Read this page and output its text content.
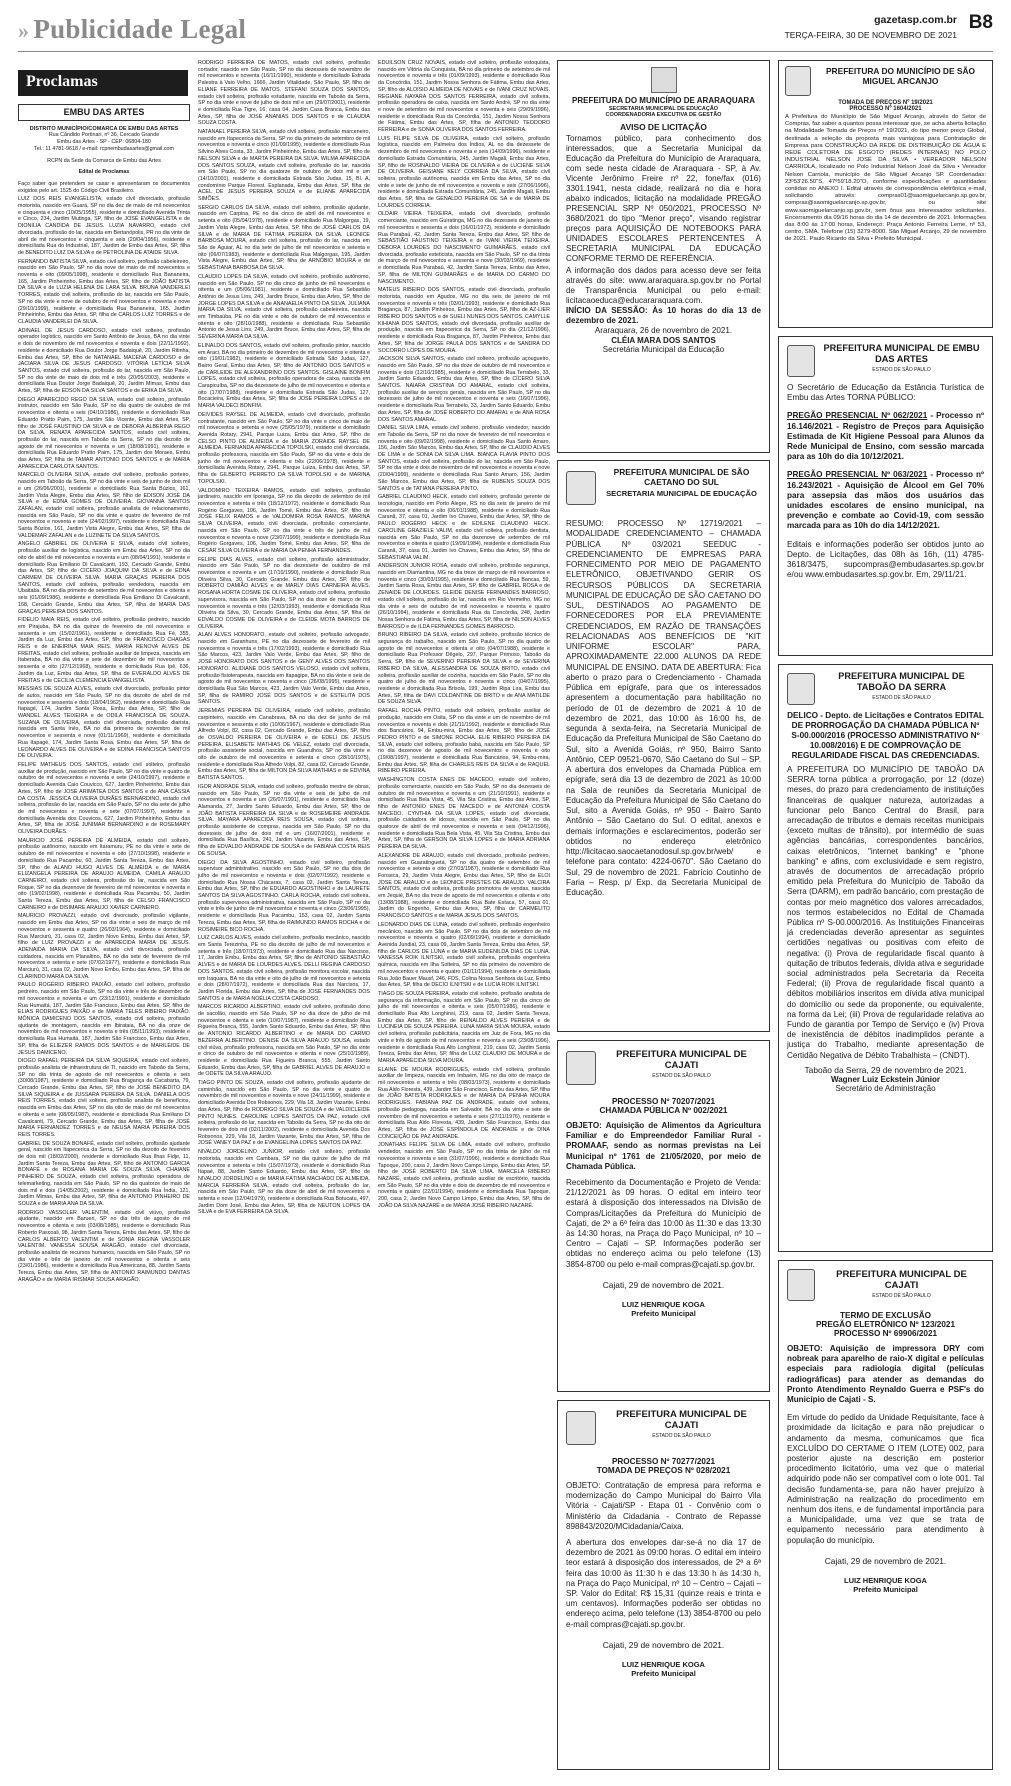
» Publicidade Legal	gazetasp.com.br
TERÇA-FEIRA, 30 DE NOVEMBRO DE 2021
B8
Proclamas
EMBU DAS ARTES
DISTRITO MUNICÍPIO/COMARCA DE EMBU DAS ARTES
Rua Cândido Portinari, nº 36, Cercado Grande
Embu das Artes - SP - CEP: 06804-180
Tel.: 11 4781-9618 / e-mail: rcpnembudasartes@gmail.com
RCPN da Sede da Comarca de Embu das Artes
Edital de Proclamas

Faço saber que pretendem se casar e apresentaram os documentos exigidos pelo art. 1525 do Código Civil Brasileiro.

LUIZ DOS REIS EVANGELISTA, estado civil divorciado, profissão motorista, nascido em Guará, SP no dia dez de maio de mil novecentos e cinquenta e cinco (10/05/1955), residente e domiciliado Avenida Trinta e Cinco, 234, Jardim Mutinga, SP, filho de JOSÉ EVANGELISTA e de DIONILIA CANDIDA DE JESUS. LUZIA NAVARRO, estado civil divorciada, profissão do lar, nascida em Bertanópolis, PR no dia vinte de abril de mil novecentos e cinquenta e seis (20/04/1956), residente e domiciliada Rua do Industrial, 187, Jardim de Embu das Artes, SP, filha de BENEDITO LUIZ DA SILVA e de PETROLINA DE ATAIDE SILVA.

FERNANDO BATISTA SILVA, estado civil solteiro, profissão cabeleireiro, nascido em São Paulo, SP no dia nove de maio de mil novecentos e noventa e oito (09/05/1998), residente e domiciliado Rua Bananeira, 165, Jardim Pinheirinho, Embu das Artes, SP, filho de JOÃO BATISTA DA SILVA e de LUZIA HELENA DE LARA SILVA. BRUNA VANDERLEI TORRES, estado civil solteira, profissão do lar, nascida em São Paulo, SP no dia vinte e nove de outubro de mil novecentos e noventa e nove (29/10/1999), residente e domiciliada Rua Bananeira, 165, Jardim Pinheirinho, Embu das Artes, SP, filha de CARLOS LUIZ TORRES e de CLAUDIA VANDERLEI DA SILVA.

ADINAEL DE JESUS CARDOSO, estado civil solteiro, profissão operador logístico, nascido em Santo Antônio de Jesus, BA no dia vinte e dois de novembro de mil novecentos e noventa e dois (22/11/1992), residente e domiciliado Rua Doutor Jorge Badaiquê, 20, Jardim Ritinha, Embu das Artes, SP, filho de NATANAEL MACENA CARDOSO e de JACIARA SILVA DE JESUS CARDOSO. VITÓRIA LETÍCIA SILVA SANTOS, estado civil solteira, profissão do lar, nascida em São Paulo, SP no dia vinte de maio de dois mil e três (20/05/2003), residente e domiciliada Rua Doutor Jorge Badaiquê, 20, Jardim Mimas, Embu das Artes, SP, filha de EDSON DA SILVA SANTOS e de ERIKA DA SILVA.

DIEGO APARECIDO REGO DA SILVA, estado civil solteiro, profissão instrutor, nascido em São Paulo, SP no dia quatro de outubro de mil novecentos e oitenta e seis (04/10/1986), residente e domiciliado Rua Eduardo Pratto Paim, 175, Jardim São Vicente, Embu das Artes, SP, filho de JOSÉ FAUSTINO DA SILVA e de DEBORA ALBERINA REGO DA SILVA. RENATA APARECIDA SANTOS, estado civil solteira, profissão do lar, nascida em Taboão da Serra, SP no dia dezoito de agosto de mil novecentos e noventa e um (18/08/1991), residente e domiciliada Rua Eduardo Pratto Paim, 175, Jardim dos Moraes, Embu das Artes, SP, filha de TAMAR ANTONIO DOS SANTOS e de MARIA APARECIDA CARLOTA SANTOS.

MARCELO OLIVEIRA SILVA, estado civil solteiro, profissão porteiro, nascido em Taboão da Serra, SP no dia vinte e seis de junho de dois mil e um (26/06/2001), residente e domiciliado Rua Santa Búzios, 161, Jardim Vista Alegre, Embu das Artes, SP, filho de EDISON JOSÉ DA SILVA e de EDNA GOMES DE OLIVEIRA. GIOVANNA SANTOS ZAFALAN, estado civil solteira, profissão analista de relacionamento, nascida em São Paulo, SP no dia vinte e quatro de fevereiro de mil novecentos e noventa e sete (24/02/1997), residente e domiciliada Rua Santa Búzios, 161, Jardim Vista Alegre, Embu das Artes, SP, filha de VALDEMAR ZAFALAN e de LUZINETE DA SILVA SANTOS.

ANGELO GABRIEL DE OLIVEIRA E SILVA, estado civil solteiro, profissão auxiliar de logística, nascido em Embu das Artes, SP no dia oito de abril de mil novecentos e noventa e um (08/04/1991), residente e domiciliado Rua Emiliano Di Cavalcanti, 193, Cercado Grande, Embu das Artes, SP, filho de CICERO JOAQUIM DA SILVA e de EDNA CARMEM DE OLIVEIRA SILVA. MARIA GRAÇAS PEREIRA DOS SANTOS, estado civil solteira, profissão vendedora, nascida em Ubaitaba, BA no dia primeiro de setembro de mil novecentos e oitenta e seis (01/09/1986), residente e domiciliada Rua Emiliano Di Cavalcanti, 168, Cercado Grande, Embu das Artes, SP, filha de MARIA DAS GRAÇAS PEREIRA DOS SANTOS.

FIDELIO MAIA REIS, estado civil solteiro, profissão pedreiro, nascido em Pirajuba, BA no dia quinze de fevereiro de mil novecentos e sessenta e um (15/02/1961), residente e domiciliado Rua Fé, 355, Jardim da Luz, Embu das Artes, SP, filho de FRANCISCO CHAGAS REIS e de ENEIRINA MAIA REIS. MARIA RENOVA ALVES DE FREITAS, estado civil solteira, profissão auxiliar de limpeza, nascida em Itaberaba, BA no dia vinte e sete de dezembro de mil novecentos e sessenta e oito (27/12/1968), residente e domiciliada Rua Ipê, 636, Jardim da Luz, Embu das Artes, SP, filha de EVERALDO ALVES DE FREITAS e de CECILIA CLEMENCIA EVANGELISTA.

MESSIAS DE SOUZA ALVES, estado civil divorciado, profissão pintor de autos, nascido em São Paulo, SP no dia dezoito de abril de mil novecentos e sessenta e dois (18/04/1962), residente e domiciliado Rua Itapagé, 174, Jardim Santa Rosa, Embu das Artes, SP, filho de WANDEL ALVES TEIXEIRA e de ODILA FRANCISCA DE SOUZA. SUZANA DE OLIVEIRA, estado civil divorciada, profissão diarista, nascida em Santa Inês, BA no dia primeiro de novembro de mil novecentos e sessenta e nove (01/11/1969), residente e domiciliada Rua Itapagé, 174, Jardim Santa Rosa, Embu das Artes, SP, filha de LEONARDO ALVES DE OLIVEIRA e de EDINA FRANCISCA SANTOS DE OLIVEIRA.

FELIPE MATHEUS DOS SANTOS, estado civil solteiro, profissão auxiliar de produção, nascido em São Paulo, SP no dia vinte e quatro de outubro de mil novecentos e noventa e sete (24/10/1997), residente e domiciliado Avenida Caio Couvicco, 627, Jardim Pinheirinho, Embu das Artes, SP, filho de JOSÉ ARIMATEA DOS SANTOS e de ANA CÁSSIA DA COSTA. JESSICA OLIVEIRA DURÃES BERNARDINO, estado civil solteira, profissão do lar, nascida em São Paulo, SP no dia sete de julho de mil novecentos e noventa e sete (07/07/1997), residente e domiciliada Avenida dos Couvicos, 627, Jardim Pinheirinho, Embu das Artes, SP, filha de JOSÉ JUNIMAR BERNARDINO e de ROSEMARY OLIVEIRA DURÃES.

MAURICIO JOSÉ PEREIRA DE ALMEIDA, estado civil solteiro, profissão autônomo, nascido em Itaramuru, PE no dia vinte e sete de outubro de mil novecentos e noventa e oito (27/10/1998), residente e domiciliado Rua Pacambu, 60, Jardim Santa Tereza, Embu das Artes, SP, filho de ALANO HUGO ALVES DE ALMEIDA e de MARIA ELIZANGELA PEREIRA DE ARAUJO ALMEIDA. CAMILA ARAUJO CARNEIRO, estado civil solteira, profissão do lar, nascida em São Roque, SP no dia dezenove de fevereiro de mil novecentos e noventa e oito (19/02/1998), residente e domiciliada Rua Pacambu, 50, Jardim Santa Tereza, Embu das Artes, SP, filha de CELSO FRANCISCO CARNEIRO e de DISIMARE ARAUJO XAVIER CARNEIRO.

MAURICIO PROVAZZI, estado civil divorciado, profissão vigilante, nascido em Embu das Artes, SP no dia vinte e seis de março de mil novecentos e sessenta e quatro (26/03/1964), residente e domiciliado Rua Marciurú, 31, casa 02, Jardim Novo Embu, Embu das Artes, SP, filho de LUIZ PROVAZZI e de APARECIDA MARIA DE JESUS. ADENAIDA MARIA DA SILVA, estado civil divorciada, profissão cuidadora, nascida em Planaltino, BA no dia sete de fevereiro de mil novecentos e setenta e sete (07/02/1977), residente e domiciliada Rua Marciurú, 31, casa 02, Jardim Novo Embu, Embu das Artes, SP, filha de CLARINDO MARIA DA SILVA.

PAULO ROGÉRIO RIBEIRO PAIXÃO, estado civil solteiro, profissão pedreiro, nascido em São Paulo, SP no dia vinte e três de dezembro de mil novecentos e noventa e um (23/12/1991), residente e domiciliado Rua Humaitá, 187, Jardim São Francisco, Embu das Artes, SP, filho de ELIAS RODRIGUES PAIXÃO e de MARIA TELES RIBEIRO PAIXÃO. MÔNICA DAMICENO DOS SANTOS, estado civil solteira, profissão ajudante de montagem, nascida em Ibirataia, BA no dia onze de novembro de mil novecentos e noventa e três (05/11/1993), residente e domiciliada Rua Humaitá, 187, Jardim São Francisco, Embu das Artes, SP, filha de ELIEZER RAMOS DOS SANTOS e de MARILEIDE DE JESUS DAMICENO.

DIOGO RAFAEL PEREIRA DA SILVA SIQUEIRA, estado civil solteiro, profissão analista de infraestrutura de TI, nascido em Taboão da Serra, SP no dia trinta de agosto de mil novecentos e oitenta e seis (30/08/1987), residente e domiciliado Rua Bragança de Cacabarta, 79, Cercado Grande, Embu das Artes, SP, filho de JOSÉ BENEDITO DA SILVA SIQUEIRA e de JUSSARA PEREIRA DA SILVA. DANIELA DOS REIS TORRES, estado civil solteira, profissão analista de benefícios, nascida em Embu das Artes, SP no dia oito de maio de mil novecentos e oitenta e sete (08/05/1987), residente e domiciliada Rua Emiliano Di Cavalcanti, 79, Cercado Grande, Embu das Artes, SP, filha de JOSÉ MARIA FERNANDEZ TORRES e de NEUSA MARIA PEREIRA DOS REIS TORRES.

GABRIEL DE SOUZA BONAFÉ, estado civil solteiro, profissão ajudante geral, nascido em Itapecerica da Serra, SP no dia dezoito de fevereiro de dois mil (18/02/2000), residente e domiciliado Rua Ilhas Fidje, 11, Jardim Santa Tereza, Embu das Artes, SP, filho de ANTONIO GARCIA BONAFÉ e de ROSANA MARIA DE SOUZA SILVA. CHAIANE PINHEIRO DE SOUZA, estado civil solteira, profissão operadora de telemarketing, nascida em São Paulo, SP no dia quatorze de maio de dois mil e dois (14/05/2002), residente e domiciliada Rua Índia, 121, Jardim Mimas, Embu das Artes, SP, filha de ANTONIO PINHEIRO DE SOUZA e de MARIA ANA DA SILVA.

RODRIGO VASSOLER VALENTIM, estado civil viúvo, profissão ajudante, nascido em Barueri, SP no dia três de agosto de mil novecentos e oitenta e seis (03/08/1985), residente e domiciliado Rua Roberto Pascoali, 98, Jardim Santa Tereza, Embu das Artes, SP, filho de CARLOS ALBERTO VALENTIM e de SONIA REGINA VASSOLER VALENTIM. VANESSA SOUSA ARAGÃO, estado civil divorciada, profissão analista de recursos humanos, nascida em São Paulo, SP no dia vinte e três de janeiro de mil novecentos e oitenta e seis (23/01/1986), residente e domiciliada Rua Americana, 88, Jardim Santa Tereza, Embu das Artes, SP, filha de ANTONIO RAIMUNDO DANTAS ARAGÃO e de MARIA IRISMAR SOUSA ARAGÃO.

RODRIGO FERREIRA DE MATOS, estado civil solteiro, profissão cortador, nascido em São Paulo, SP no dia dezesseis de novembro de mil novecentos e noventa (16/11/1990), residente e domiciliado Estrada Palestra à Vaio Velho, 1666, Jardim Vitalidade, São Paulo, SP, filho de ELIANE FERREIRA DE MATOS. STEFANI SOUZA DOS SANTOS, estado civil solteira, profissão estudante, nascida em Taboão da Serra, SP no dia vinte e nove de julho de dois mil e um (29/07/2001), residente e domiciliada Rua Tigre, 16, casa 04, Jardim Casa Branca, Embu das Artes, SP, filha de JOSÉ ANANIAS DOS SANTOS e de CLAUDIA SOUZA COSTA.

NATANAEL PEREIRA SILVA, estado civil solteiro, profissão marceneiro, nascido em Itapecerica da Serra, SP no dia primeiro de setembro de mil novecentos e noventa e cinco (01/09/1995), residente e domiciliado Rua Silvino Alves Costa, 33, Jardim Pinheirinho, Embu das Artes, SP, filho de NELSON SILVA e de MARTA PEREIRA DA SILVA. WILMA APARECIDA DOS SANTOS SOUZA, estado civil solteira, profissão do lar, nascida em São Paulo, SP no dia quatorze de outubro de dois mil e um (14/10/2001), residente e domiciliada Estrada São Judas, 15, Bl. A, condomínio Parque Florest. Esplanada, Embu das Artes, SP, filha de ACEL DE JESUS PEREIRA SOUZA e de ELIANE APARECIDA SIMÕES.

SERGIO CARLOS DA SILVA, estado civil solteiro, profissão ajudante, nascido em Carpina, PE no dia cinco de abril de mil novecentos e setenta e oito (05/04/1978), residente e domiciliado Rua Malgorgas, 19, Jardim Vista Alegre, Embu das Artes, SP, filho de JOSÉ CARLOS DA SILVA e de MARIA DE FÁTIMA PEREIRA DA SILVA. LEONICE BARBOSA MOURA, estado civil solteira, profissão do lar, nascida em São de Aguiar, AL no dia sete de julho de mil novecentos e setenta e oito (06/07/1983), residente e domiciliada Rua Malgorgas, 195, Jardim Vista Alegre, Embu das Artes, SP, filha de ARNÓBIO MOURA e de SEBASTIANA BARBOSA DA SILVA.

CLAUDIO LOPES DA SILVA, estado civil solteiro, profissão autônomo, nascido em São Paulo, SP no dia cinco de junho de mil novecentos e oitenta e um (05/06/1981), residente e domiciliado Rua Sebastião Antônio de Jesus Lins, 249, Jardim Bruce, Embu das Artes, SP, filho de JORGE LOPES DA SILVA e de ANANAELIA PINTO DA SILVA. JULIANA MARIA DA SILVA, estado civil solteira, profissão cabeleireira, nascida em Timbaúba, PE no dia vinte e oito de outubro de mil novecentos e oitenta e oito (28/10/1988), residente e domiciliada Rua Sebastião Antonio de Jesus Lins, 249, Jardim Bruce, Embu das Artes, SP, filha de SEVERINA MARIA DA SILVA.

ELINALDO DOS SANTOS, estado civil solteiro, profissão pintor, nascido em Araci, BA no dia primeiro de dezembro de mil novecentos e oitenta e oito (19/01/1982), residente e domiciliado Estrada São Judas, 127, Bairro Geral, Embu das Artes, SP, filho de ANTONIO DOS SANTOS e de CARLEIDE DE ALEXANDRINO DOS SANTOS. GISLAINE BONFIM LOPES, estado civil solteira, profissão operadora de caixa, nascida em Carapicuíba, SP no dia dezessete de julho de mil novecentos e oitenta e oito (17/07/1988), residente e domiciliada Estrada São Judas, 127, Bocacieira, Embu das Artes, SP, filha de JOSE PEREIRA LOPES e de MARIA VALDECI BONFIM.

DEIVIDES RAYSEL DE ALMEIDA, estado civil divorciado, profissão contratante, nascido em São Paulo, SP no dia vinte e cinco de maio de mil novecentos e setenta e nove (25/05/1979), residente e domiciliado Avenida Rotary, 2941, Parque Luiza, Embu das Artes, SP, filho de CELSO PINTO DE ALMEIDA e de MARIA ZORAIDE RAYSEL DE ALMEIDA. FERNANDA APARECIDA TOPOLSKI, estado civil divorciada, profissão professora, nascida em São Paulo, SP no dia vinte e dois de junho de mil novecentos e oitenta e três (22/06/1978), residente e domiciliada Avenida Rotary, 2941, Parque Luiza, Embu das Artes, SP, filha de GILBERTO PERRETO DA SILVA TOPOLSKI e de MARINA TOPOLSKI.

VALDOMIRO TEIXEIRA RAMOS, estado civil solteiro, profissão jardineiro, nascido em Iporanga, SP no dia dezoito de setembro de mil novecentos e setenta e três (18/12/1972), residente e domiciliado Rua Rogério Gorgaves, 106, Jardim Tomé, Embu das Artes, SP, filho de JOSÉ FELIX RAMOS e de VALDOMIRA ROSA RAMOS. MARINA SILVA OLIVEIRA, estado civil divorciada, profissão comerciante, nascida em São Paulo, SP no dia vinte e três de junho de mil novecentos e noventa e nove (23/07/1999), residente e domiciliada Rua Rogério Gorgaves, 106, Jardim Tomé, Embu das Artes, SP, filha de CÉSAR SILVA OLIVEIRA e de MARIA DA PENHA FERNANDES.

FELIPE DIAS ALVES, estado civil solteiro, profissão administrador, nascido em São Paulo, SP no dia dezessete de outubro de mil novecentos e noventa e um (17/10/1990), residente e domiciliado Rua Oliveira Silva, 30, Cercado Grande, Embu das Artes, SP, filho de ROBERTO DAMIÃO ALVES e de MARLY DIAS CARNEIRA ALVES. ROSANA HORTA COSME DE OLIVEIRA, estado civil solteira, profissão supervisora, nascida em São Paulo, SP no dia doze de março de mil novecentos e noventa e três (12/03/1993), residente e domiciliada Rua Oliveira da Silva, 30, Cercado Grande, Embu das Artes, SP, filha de EDVALDO COSME DE OLIVEIRA e de CLEIDE MOTA BARROS DE OLIVEIRA.

ALAN ALVES HONORATO, estado civil solteiro, profissão advogado, nascido em Garanhuns, PE no dia dezessete de fevereiro de mil novecentos e noventa e três (17/02/1993), residente e domiciliado Rua São Marcos, 423, Jardim Valo Verde, Embu das Artes, SP, filho de JOSÉ HONORATO DOS SANTOS e de GENY ALVES DOS SANTOS HONORATO. ALIDIANE DOS SANTOS VELOSO, estado civil solteira, profissão fisioterapeuta, nascida em Itapagipe, BA no dia vinte e seis de agosto de mil novecentos e noventa e cinco (26/08/1995), residente e domiciliada Rua São Marcos, 423, Jardim Valo Verde, Embu das Artes, SP, filha de RAMIRO JOSÉ DOS SANTOS e de ESTELITA DOS SANTOS.

JEREMIAS PEREIRA DE OLIVEIRA, estado civil solteiro, profissão carpinteiro, nascido em Canabrava, BA no dia dez de junho de mil novecentos e sessenta e oito (10/06/1967), residente e domiciliado Rua Alfredo Volpi, 82, casa 02, Cercado Grande, Embu das Artes, SP, filho de OSVALDO PEREIRA DE OLIVEIRA e de EDELI DE JESUS PEREIRA. ELISABETE MATHIAS DE VELEZ, estado civil divorciada, profissão assistente social, nascida em Guarulhos, SP no dia vinte e oito de outubro de mil novecentos e setenta e cinco (28/10/1975), residente e domiciliada Rua Alfredo Volpi, 82, casa 02, Cercado Grande, Embu das Artes, SP, filha de MILTON DA SILVA MATHIAS e de EDVINA BATISTA SANTOS.

IGOR ANDRADE SILVA, estado civil solteiro, profissão mestre de obras, nascido em São Paulo, SP no dia vinte e seis de julho de mil novecentos e noventa e um (26/07/1991), residente e domiciliado Rua Alamanda, 27, Jardim Santo Eduardo, Embu das Artes, SP, filho de JOÃO BATISTA FERREIRA DA SILVA e de ROSEMEIRE ANDRADE SILVA. MAYARA APARECIDA REIS SOUSA, estado civil solteira, profissão assistente de compras, nascida em São Paulo, SP no dia dezesseis de julho de dois mil e um (16/07/2001), residente e domiciliada Rua Basílica, 241, Jardim Vazante, Embu das Artes, SP, filha de EDVALDO ANDRADE DE SOUSA e de FABIANA COSTA REIS DE SOUSA.

DIEGO DA SILVA AGOSTINHO, estado civil solteiro, profissão supervisor administrativo, nascido em São Paulo, SP no dia dois de julho de mil novecentos e noventa e dois (02/07/1992), residente e domiciliado Rua Nossa Chácaras, 7, casa 02, Jardim Santa Tereza, Embu das Artes, SP, filho de EDUARDO AGOSTINHO e de LAURETE SANTOS DA SILVA AGOSTINHO. CARLA ROCHA, estado civil solteira, profissão supervisora administrativa, nascida em São Paulo, SP no dia vinte e três de junho de mil novecentos e noventa e cinco (23/06/1995), residente e domiciliada Rua Pacambu, 153, casa 02, Jardim Santa Tereza, Embu das Artes, SP, filha de RAIMUNDO RAMOS ROCHA e de ROSIMEIRE BICO ROCHA.

LUIZ CARLOS ALVES, estado civil solteiro, profissão mecânico, nascido em Santa Terezinha, PE no dia dezoito de julho de mil novecentos e setenta e três (18/07/1973), residente e domiciliado Rua das Narcisos, 17, Jardim Embu, Embu das Artes, SP, filho de ANTONIO SEBASTIÃO ALVES e de MARIA DE LOURDES ALVES. DELLI REGINA CARDOSO DOS SANTOS, estado civil solteira, profissão monitora escolar, nascida em Iraquara, BA no dia vinte e oito de julho de mil novecentos e setenta e dois (28/07/1972), residente e domiciliada Rua das Narcisos, 17, Jardim Florida, Embu das Artes, SP, filha de JOSÉ FERNANDES DOS SANTOS e de MARIA NOÉLIA COSTA CARDOSO.

MARCOS RICARDO ALBERTINO, estado civil solteiro, profissão dono de sacolão, nascido em São Paulo, SP no dia doze de julho de mil novecentos e oitenta e sete (10/07/1987), residente e domiciliado Rua Figueira Branca, 555, Jardim Santo Eduardo, Embu das Artes, SP, filho de ANTONIO RICARDO ALBERTINO e de MARIA DO CARMO BEZERRA ALBERTINO. DENISE DA SILVA ARAUJO SOUSA, estado civil viúva, profissão professora, nascida em São Paulo, SP no dia vinte e cinco de outubro de mil novecentos e oitenta e nove (25/10/1989), residente e domiciliada Rua Figueira Branca, 555, Jardim Santo Eduardo, Embu das Artes, SP, filha de GABRIEL ALVES DE ARAUJO e de ODETE DA SILVA ARAUJO.

TIAGO PINTO DE SOUZA, estado civil solteiro, profissão ajudante de caminhão, nascido em São Paulo, SP no dia vinte e quatro de novembro de mil novecentos e noventa e nove (24/11/1999), residente e domiciliado Avenida Dos Robsonos, 229, Vila 18, Jardim Vazante, Embu das Artes, SP, filho de RODRIGO SILVA DE SOUZA e de VALDICLEIDE PINTO NUNES. CAROLINE LOPES SANTOS DA PAZ, estado civil solteira, profissão do lar, nascida em Taboão da Serra, SP no dia oito de fevereiro de dois mil (02/11/2002), residente e domiciliada Avenida Dos Robsonos, 229, Vila 18, Jardim Vazante, Embu das Artes, SP, filha de JOSÉ VANEY DA PAZ e de EVANGELINA LOPES SANTOS DA PAZ.

NIVALDO JORDELINO JUNIOR, estado civil solteiro, profissão motorista, nascido em Cambara, SP no dia quinze de julho de mil novecentos e setenta e três (15/07/1973), residente e domiciliado Rua Itapaé, 88, Jardim Santo Eduardo, Embu das Artes, SP, filho de NIVALDO JORDELINO e de MARIA FÁTIMA MACHADO DE ALMEIDA. MARCIA FERREIRA SILVA, estado civil solteira, profissão do lar, nascida em São Paulo, SP no dia doze de abril de mil novecentos e setenta e nove (12/04/1979), residente e domiciliada Rua Botucatu, 497, Jardim Dom José, Embu das Artes, SP, filha de NEUTON LOPES DA SILVA e de EVA FERREIRA DA SILVA.

EDUILSON CRUZ NOVAIS, estado civil solteiro, profissão estoquista, nascido em Vitória da Conquista, BA no dia primeiro de setembro de mil novecentos e noventa e três (01/09/1993), residente e domiciliado Rua da Concórdia, 151, Jardim Nossa Senhora de Fátima, Embu das Artes, SP, filho de ALOISIO ALMEIDA DE NOVAIS e de IVANI CRUZ NOVAIS. REGIANE NAYARA DOS SANTOS FERREIRA, estado civil solteira, profissão operadora de caixa, nascida em Santo André, SP no dia vinte e nove de setembro de mil novecentos e noventa e seis (29/09/1996), residente e domiciliada Rua da Concórdia, 151, Jardim Nossa Senhora de Fátima, Embu das Artes, SP, filha de ANTONIO TEODORO FERREIRA e de SONIA OLIVEIRA DOS SANTOS FERREIRA.

LUIS FILIPE SILVA DE OLIVEIRA, estado civil solteiro, profissão logística, nascido em Palmeira dos Índios, AL no dia dezessete de dezembro de mil novecentos e noventa e seis (14/09/1996), residente e domiciliado Estrada Comunitária, 245, Jardim Magali, Embu das Artes, SP, filho de ROSINALDO VIEIRA DE OLIVEIRA e de LUCIENE SILVA DE OLIVEIRA. GEISIANE KELY CORREIA DA SILVA, estado civil solteira, profissão autônoma, nascida em Embu das Artes, SP no dia vinte e sete de junho de mil novecentos e noventa e seis (27/06/1996), residente e domiciliada Estrada Comunitária, 245, Jardim Magali, Embu das Artes, SP, filha de GENALDO PEREIRA DE SÁ e de MARIA DE LOURDES CORREIA.

OLDAIR VIEIRA TEIXEIRA, estado civil divorciado, profissão comerciante, nascido em Guiratinga, MG no dia dezesseis de janeiro de mil novecentos e sessenta e dois (16/01/1972), residente e domiciliado Rua Parabaú, 42, Jardim Santa Tereza, Embu das Artes, SP, filho de SEBASTIÃO FAUSTINO TEIXEIRA e de IVANI VIEIRA TEIXEIRA. DÉBORA LOURDES DO NASCIMENTO GUIMARÃES, estado civil divorciada, profissão esteticista, nascida em São Paulo, SP no dia trinta de março de mil novecentos e sessenta e nove (30/03/1969), residente e domiciliada Rua Parabaú, 42, Jardim Santa Tereza, Embu das Artes, SP, filha de MILTON GUIMARÃES e de MARIA DO CARMO DO NASCIMENTO.

MATEUS RIBEIRO DOS SANTOS, estado civil divorciado, profissão motorista, nascido em Agudos, MG no dia seis de janeiro de mil novecentos e noventa e três (03/01/1993), residente e domiciliado Rua Bragança, 87, Jardim Pinheiros, Embu das Artes, SP, filho de AZ-LIER RIBEIRO DOS SANTOS e de SUELI NUNES DOS SANTOS. CAMYLLE KIHIANA DOS SANTOS, estado civil divorciada, profissão auxiliar de produção, nascida em Itapecerica da Serra, SP no dia (21/12/1996), residente e domiciliada Rua Bragança, 87, Jardim Pinheiros, Embu das Artes, SP, filha de JORGE PAULA DOS SANTOS e de SANDRA DO SOCORRO LOPES DE MOURA.

JACKSON SILVA SANTOS, estado civil solteiro, profissão açougueiro, nascido em São Paulo, SP no dia doze de outubro de mil novecentos e noventa e dois (12/10/1985), residente e domiciliado Rua Terrabelo, 33, Jardim Santo Eduardo, Embu das Artes, SP, filho de CÍCERO SILVA SANTOS. NAIARA CRISTINA DO AMARAL, estado civil solteira, profissão auxiliar de serviços gerais, nascida em São Paulo, SP no dia dezesseis de julho de mil novecentos e noventa e seis (16/07/1996), residente e domiciliada Rua Terrabelo, 33, Jardim Santo Eduardo, Embu das Artes, SP, filha de JOSÉ ROBERTO DO AMARAL e de ANA ROSA DOS SANTOS AMARAL.

DANIEL SILVA LIMA, estado civil solteiro, profissão vendedor, nascido em Taboão da Serra, SP no dia nove de fevereiro de mil novecentos e noventa e oito (09/02/1998), residente e domiciliado Rua Santo Amaro, 156, Jardim São Marcos, Embu das Artes, SP, filho de CLAUDIO ALVES DE LIMA e de SONIA DA SILVA LIMA. BIANCA FLAVIA PINTO DOS SANTOS, estado civil solteira, profissão do lar, nascida em São Paulo, SP no dia vinte e dois de novembro de mil novecentos e noventa e nove (20/04/1999), residente e domiciliada Rua Santo Amaro, 156, Jardim São Marcos, Embu das Artes, SP, filha de RUBENS SOUZA DOS SANTOS e de TATIANA PEREIRA PINTO.

GABRIEL CLAUDINO HECK, estado civil solteiro, profissão gerente de tecnologia, nascido em Porto Alegre, RS no dia seis de janeiro de mil novecentos e oitenta e oito (06/01/1988), residente e domiciliado Rua Caranã, 37, casa 01, Jardim Ivo Chaves, Embu das Artes, SP, filho de PAULO ROGÉRIO HECK e de EDILENE CLAUDINO HECK. CAROLINE GRAZIELE VALIM, estado civil solteira, profissão dentista, nascida em São Paulo, SP no dia dezenove de setembro de mil novecentos e oitenta e quatro (19/09/1984), residente e domiciliada Rua Caranã, 37, casa 01, Jardim Ivo Chaves, Embu das Artes, SP, filha de SEBASTIANA VALIM.

ANDERSON JUNIOR ROSA, estado civil solteiro, profissão segurança, nascido em Diamantina, MG no dia treze de março de mil novecentos e noventa e cinco (30/03/1995), residente e domiciliado Rua Bancas, 59, Jardim Santa Rosa, Embu das Artes, SP, filho de GABRIEL ROSA e de ZENAIDE DE LOURDES. GLEIDE DENISE FERNANDES BARROSO, estado civil solteira, profissão do lar, nascida em Rio Vermelho, MG no dia vinte e seis de outubro de mil novecentos e noventa e quatro (26/10/1994), residente e domiciliada Rua da Concórdia, 248, Jardim Nossa Senhora de Fátima, Embu das Artes, SP, filha de NILSON ALVES BARROSO e de ILDA FERNANDES GOMES BARROSO.

BRUNO RIBEIRO DA SILVA, estado civil solteiro, profissão técnico de segurança do trabalho, nascido em São Paulo, SP no dia quatro de agosto de mil novecentos e oitenta e oito (04/07/1988), residente e domiciliado Rua Professor Dêgelo, 297, Parque Primoso, Taboão da Serra, SP, filho de SEVERINO PEREIRA DA SILVA e de SEVERINA RIBEIRO DA SILVA. ALESSANDRA DE SOUZA BRITO, estado civil solteira, profissão auxiliar de cozinha, nascida em São Paulo, SP no dia quatro de julho de mil novecentos e noventa e cinco (04/07/1995), residente e domiciliada Rua Brisola, 199, Jardim Ripa Lira, Embu das Artes, SP, filha de DAVI COLDANTINE DE BRITO e de ANA MATILDE DE SOUZA SILVA.

RAFAEL ROCHA PINTO, estado civil solteiro, profissão auxiliar de produção, nascido em Osita, SP no dia vinte e um de novembro de mil novecentos e noventa e dois (21/11/1992), residente e domiciliado Rua dos Bancários, 94, Embu-mira, Embu das Artes, SP, filho de JOSÉ PEDRO PINTO e de SIMONE ROCHA. ELIE RIBEIRO PEREIRA DA SILVA, estado civil solteira, profissão babá, nascida em São Paulo, SP no dia dezenove de agosto de mil novecentos e noventa e oito (19/08/1997), residente e domiciliada Rua Bancários, 94, Embu-mira, Embu das Artes, SP, filha de CHARLES REIS DA SILVA e de RAQUEL RIBEIRO PEREIRA.

WASHINGTON COSTA ENES DE MACEDO, estado civil solteiro, profissão comerciante, nascido em São Paulo, SP no dia dezesseis de outubro de mil novecentos e noventa e um (21/10/1991), residente e domiciliado Rua Bela Vista, 45, Vila Sta Cristina, Embu das Artes, SP, filho de ANTONIO ENES DE MACEDO e de ANTONIA COSTA MACEDO. CYNTHIA DA SILVA LOPES, estado civil divorciada, profissão cuidadora de idosos, nascida em São Paulo, SP no dia quatorze de abril de mil novecentos e noventa e seis (04/12/1996), residente e domiciliada Rua Bela Vista, 45, Vila Sta Cristina, Embu das Artes, SP, filha de GERSON DA SILVA LOPES e de MARIA ADRIANA PEREIRA DA SILVA.

ALEXANDRE DE ARAUJO, estado civil divorciado, profissão pedreiro, nascido em Guaratinguetá, SP no dia quatro de setembro de mil novecentos e setenta e oito (27/03/1987), residente e domiciliado Rua Fonseca, 29, Jardim Vista Alegre, Embu das Artes, SP, filho de ELOI JOSE DE ARAUJO e de LEONICE PRESTES DE ARAUJO. VALCIRA SANTOS, estado civil solteira, profissão promotora de vendas, nascida em Jequié, BA no dia treze de agosto de mil novecentos e oitenta e oito (13/08/1988), residente e domiciliada Rua Bate Estaca, 57, casa 01, Jardim do Engenho, Embu das Artes, SP, filha de CARMELITO FRANCISCO SANTOS e de MARIA JESUS DOS SANTOS.

LEONARDO DIAS DE LUNA, estado civil solteiro, profissão engenheiro mecânico, nascido em São Paulo, SP no dia dois de setembro de mil novecentos e noventa e quatro (02/09/1994), residente e domiciliado Avenida Jundiaí, 23, casa 09, Jardim Santa Tereza, Embu das Artes, SP, filho de CARLOS DE LUNA e de MARIA EUDENILDA DIAS DE LUNA. VANESSA ROIK ILNITSKI, estado civil solteira, profissão engenheira química, nascida em Ilha Solteira, SP no dia primeiro de novembro de mil novecentos e noventa e quatro (01/11/1994), residente e domiciliada Rua João Bauer Mausf, 246, FDS, Colina Nossa Senhora da Luz, Embu das Artes, SP, filha de DECIO ILNITSKI e de LUCIA ROIK ILNITSKI.

TIAGO DE SOUZA PEREIRA, estado civil solteiro, profissão analista de segurança da informação, nascido em São Paulo, SP no dia cinco de julho de mil novecentos e oitenta e seis (05/07/1986), residente e domiciliado Rua Alto Longhinsi, 219, casa 02, Jardim Santa Tereza, Embu das Artes, SP, filho de REINALDO ALVES PEREIRA e de LUCINEIA DE SOUZA PEREIRA. LUNA MARIA SILVA MOURA, estado civil solteira, profissão publicitária, nascida em Juiz de Fora, MG no dia vinte e três de agosto de mil novecentos e noventa e seis (23/08/1996), residente e domiciliada Rua Alto Longhinsi, 219, casa 02, Jardim Santa Tereza, Embu das Artes, SP, filha de LUIZ CLAUDIO DE MOURA e de MARIA APARECIDA SILVA MOURA.

ELAINE DE MOURA RODRIGUES, estado civil solteira, profissão auxiliar de limpeza, nascida em Imbaém, MG no dia oito de março de mil novecentos e setenta e três (08/03/1973), residente e domiciliada Rua Aldo Floresta, 439, Jardim São Francisco, Embu das Artes, SP, filha de JOÃO BATISTA RODRIGUES e de MARIA DA PENHA MOURA RODRIGUES. FABIANA PAZ DE ANDRADE, estado civil solteira, profissão pedagoga, nascida em Salvador, BA no dia vinte e sete de novembro de mil novecentos e setenta e seis (27/11/1976), residente e domiciliada Rua Aldo Floresta, 439, Jardim São Francisco, Embu das Artes, SP, filha de JOSÉ ESPÍNDOLA DE ANDRADE e de DINA CONCEIÇÃO DE PAZ ANDRADE.

JONATHAS FELIPE SILVA DE LIMA, estado civil solteiro, profissão vendedor, nascido em São Paulo, SP no dia trinta de julho de mil novecentos e noventa e seis (31/07/1996), residente e domiciliado Rua Tapoque, 200, casa 2, Jardim Novo Campo Limpo, Embu das Artes, SP, filho de JOSÉ ROBERTO DA SILVA LIMA. MARCELA RIBEIRO NAZARÉ, estado civil solteira, profissão auxiliar de escritório, nascida em São Paulo, SP no dia vinte e dois de dezembro de mil novecentos e noventa e quatro (22/01/1994), residente e domiciliada Rua Tapoque, 200, casa 2, Jardim Novo Campo Limpo, Embu das Artes, SP, filha de JOÃO DA SILVA NAZARÉ e de MARIA JOSÉ RIBEIRO NAZARÉ.

PREFEITURA DO MUNICÍPIO DE ARARAQUARA
SECRETARIA MUNICIPAL DE EDUCAÇÃO
COORDENADORIA EXECUTIVA DE GESTÃO
AVISO DE LICITAÇÃO
Tornamos público, para conhecimento dos interessados, que a Secretaria Municipal da Educação da Prefeitura do Município de Araraquara, com sede nesta cidade de Araraquara - SP, à Av. Vicente Jerônimo Freire nº 22, fone/fax (016) 3301.1941, nesta cidade, realizará no dia e hora abaixo indicados, licitação na modalidade PREGÃO PRESENCIAL SRP Nº 050/2021, PROCESSO Nº 3680/2021 do tipo "Menor preço", visando registrar preços para AQUISIÇÃO DE NOTEBOOKS PARA UNIDADES ESCOLARES PERTENCENTES À SECRETARIA MUNICIPAL DA EDUCAÇÃO CONFORME TERMO DE REFERÊNCIA.
A informação dos dados para acesso deve ser feita através do site: www.araraquara.sp.gov.br no Portal de Transparência Municipal ou pelo e-mail: licitacaoeduca@educararaquara.com.
INÍCIO DA SESSÃO: Às 10 horas do dia 13 de dezembro de 2021.
Araraquara, 26 de novembro de 2021.
CLÉIA MARA DOS SANTOS
Secretária Municipal da Educação
PREFEITURA MUNICIPAL DE SÃO CAETANO DO SUL
SECRETARIA MUNICIPAL DE EDUCAÇÃO
RESUMO: PROCESSO Nº 12719/2021 – MODALIDADE CREDENCIAMENTO – CHAMADA PÚBLICA Nº 03/2021 SEEDUC - CREDENCIAMENTO DE EMPRESAS PARA FORNECIMENTO POR MEIO DE PAGAMENTO ELETRÔNICO, OBJETIVANDO GERIR OS RECURSOS PÚBLICOS DA SECRETARIA MUNICIPAL DE EDUCAÇÃO DE SÃO CAETANO DO SUL, DESTINADOS AO PAGAMENTO DE FORNECEDORES POR ELA PREVIAMENTE CREDENCIADOS, EM RAZÃO DE TRANSAÇÕES RELACIONADAS AOS BENEFÍCIOS DE "KIT UNIFORME ESCOLAR" PARA, APROXIMADAMENTE 22.000 ALUNOS DA REDE MUNICIPAL DE ENSINO. DATA DE ABERTURA: Fica aberto o prazo para o Credenciamento - Chamada Pública em epígrafe, para que os interessados apresentem a documentação para habilitação no período de 01 de dezembro de 2021 à 10 de dezembro de 2021, das 10:00 às 16:00 hs, de segunda à sexta-feira, na Secretaria Municipal de Educação da Prefeitura Municipal de São Caetano do Sul, sito a Avenida Goiás, nº 950, Bairro Santo Antônio, CEP 09521-0670, São Caetano do Sul – SP. A abertura dos envelopes da Chamada Pública em epígrafe, será dia 13 de dezembro de 2021 às 10:00 na Sala de reuniões da Secretaria Municipal de Educação da Prefeitura Municipal de São Caetano do Sul, sito a Avenida Goiás, nº 950 - Bairro Santo Antônio – São Caetano do Sul. O edital, anexos e demais informações e esclarecimentos, poderão ser obtidos no endereço eletrônico http://licitacao.saocaetanodosul.sp.gov.br/web/ e telefone para contato: 4224-0670". São Caetano do Sul, 29 de novembro de 2021. Fabrício Coutinho de Faria – Resp. p/ Exp. da Secretaria Municipal de Educação.
PREFEITURA MUNICIPAL DE CAJATI
ESTADO DE SÃO PAULO
PROCESSO Nº 70207/2021
CHAMADA PÚBLICA Nº 002/2021
OBJETO: Aquisição de Alimentos da Agricultura Familiar e do Empreendedor Familiar Rural - PROMAAF, sendo as normas previstas na Lei Municipal nº 1761 de 21/05/2020, por meio de Chamada Pública.
Recebimento da Documentação e Projeto de Venda: 21/12/2021 às 09 horas. O edital em inteiro teor estará à disposição dos interessados na Divisão de Compras/Licitações da Prefeitura do Município de Cajati, de 2ª a 6ª feira das 10:00 às 11:30 e das 13:30 às 14:30 horas, na Praça do Paço Municipal, nº 10 – Centro – Cajati – SP. Informações poderão ser obtidas no endereço acima ou pelo telefone (13) 3854-8700 ou pelo e-mail compras@cajati.sp.gov.br.
Cajati, 29 de novembro de 2021.
LUIZ HENRIQUE KOGA
Prefeito Municipal
PREFEITURA MUNICIPAL DE CAJATI
ESTADO DE SÃO PAULO
PROCESSO Nº 70277/2021
TOMADA DE PREÇOS Nº 028/2021
OBJETO: Contratação de empresa para reforma e modernização do Campo Municipal do Bairro Vila Vitória - Cajati/SP - Etapa 01 - Convênio com o Ministério da Cidadania - Contrato de Repasse 898843/2020/MCidadania/Caixa.
A abertura dos envelopes dar-se-á no dia 17 de dezembro de 2021 às 09:00 horas. O edital em inteiro teor estará à disposição dos interessados, de 2ª a 6ª feira das 10:00 às 11:30 h e das 13:30 h às 14:30 h, na Praça do Paço Municipal, nº 10 – Centro – Cajati – SP. Valor do Edital: R$ 15,31 (quinze reais e trinta e um centavos). Informações poderão ser obtidas no endereço acima, pelo telefone (13) 3854-8700 ou pelo e-mail compras@cajati.sp.gov.br.
Cajati, 29 de novembro de 2021.
LUIZ HENRIQUE KOGA
Prefeito Municipal
PREFEITURA DO MUNICÍPIO DE SÃO MIGUEL ARCANJO
TOMADA DE PREÇOS Nº 19/2021
PROCESSO Nº 1604/2021
A Prefeitura do Município de São Miguel Arcanjo, através do Setor de Compras, faz saber a quantos possa interessar que, se acha aberta licitação na Modalidade Tomada de Preços nº 19/2021, do tipo menor preço Global, destinada a seleção da proposta mais vantajosa para Contratação de Empresa para CONSTRUÇÃO DA REDE DE DISTRIBUIÇÃO DE ÁGUA E REDE COLETORA DE ESGOTO (REDES INTERNAS) NO POLO INDUSTRIAL NELSON JOSÉ DA SILVA • VEREADOR NELSON CARRIOLA, localizado no Polo Industrial Nelson José da Silva • Vereador Nelson Carriola, município de São Miguel Arcanjo SP. Coordenadas: 23º53'26.50"S, 47º59'18.20"O, conforme especificações e quantidades contidas no ANEXO I. Edital através de correspondência eletrônica e-mail, solicitando através: compras01@saomiguelarcanjo.sp.gov.br, compras@saomiguelarcanjo.sp.gov.br, ou site www.saomiguelarcanjo.sp.gov.br, sem ônus aos interessados solicitantes. Encerramento dia 09/16 horas do dia 14 de dezembro de 2021. Informações das 8:00 às 17:00 horas, Endereço: Praça Antonio Ferreira Leme, nº 53, centro, SMA. Telefone (15) 3279-8000. São Miguel Arcanjo, 29 de novembro de 2021. Paulo Ricardo da Silva • Prefeito Municipal.
PREFEITURA MUNICIPAL DE EMBU DAS ARTES
ESTADO DE SÃO PAULO
O Secretário de Educação da Estância Turística de Embu das Artes TORNA PÚBLICO:
PREGÃO PRESENCIAL Nº 062/2021 - Processo nº 16.146/2021 - Registro de Preços para Aquisição Estimada de Kit Higiene Pessoal para Alunos da Rede Municipal de Ensino, com sessão marcada para as 10h do dia 10/12/2021.
PREGÃO PRESENCIAL Nº 063/2021 - Processo nº 16.243/2021 - Aquisição de Álcool em Gel 70% para assepsia das mãos dos usuários das unidades escolares de ensino municipal, na prevenção e combate ao Covid-19, com sessão marcada para as 10h do dia 14/12/2021.
Editais e informações poderão ser obtidos junto ao Depto. de Licitações, das 08h às 16h, (11) 4785-3618/3475, supcompras@embudasartes.sp.gov.br e/ou www.embudasartes.sp.gov.br. Em, 29/11/21.
PREFEITURA MUNICIPAL DE TABOÃO DA SERRA
ESTADO DE SÃO PAULO
DELICO - Depto. de Licitações e Contratos EDITAL DE PRORROGAÇÃO DA CHAMADA PÚBLICA Nº S-00.000/2016 (PROCESSO ADMINISTRATIVO Nº 10.008/2016) E DE COMPROVAÇÃO DE REGULARIDADE FISCAL DAS CREDENCIADAS.
A PREFEITURA DO MUNICÍPIO DE TABOÃO DA SERRA torna pública a prorrogação, por 12 (doze) meses, do prazo para credenciamento de instituições financeiras de qualquer natureza, autorizadas a funcionar pelo Banco Central do Brasil, para arrecadação de tributos e demais receitas municipais (exceto multas de trânsito), por intermédio de suas agências bancárias, correspondentes bancários, caixas eletrônicos, "internet banking" e "phone banking" e afins, com exclusividade e sem registro, através de documentos de arrecadação próprio emitido pela Prefeitura do Município de Taboão da Serra (DARM), em padrão bancário, com prestação de contas por meio magnético dos valores arrecadados, nos termos estabelecidos no Edital de Chamada Pública nº S-00.000/2016. As Instituições Financeiras já credenciadas deverão apresentar as seguintes certidões negativas ou positivas com efeito de negativa: (i) Prova de regularidade fiscal quanto à quitação de tributos federais, dívida ativa e seguridade social administrados pela Secretaria da Receita Federal; (ii) Prova de regularidade fiscal quanto a débitos mobiliários inscritos em dívida ativa municipal do domicílio ou sede da proponente, ou equivalente, na forma da Lei; (iii) Prova de regularidade relativa ao Fundo de garantia por Tempo de Serviço e (iv) Prova de inexistência de débitos inadimplidos perante a justiça do Trabalho, mediante apresentação de Certidão Negativa de Débito Trabalhista – (CNDT).
Taboão da Serra, 29 de novembro de 2021.
Wagner Luiz Eckstein Júnior
Secretário de Administração
PREFEITURA MUNICIPAL DE CAJATI
ESTADO DE SÃO PAULO
TERMO DE EXCLUSÃO
PREGÃO ELETRÔNICO Nº 123/2021
PROCESSO Nº 69906/2021
OBJETO: Aquisição de impressora DRY com nobreak para aparelho de raio-X digital e películas especiais para radiologia digital (películas radiográficas) para atender as demandas do Pronto Atendimento Reynaldo Guerra e PSF's do Município de Cajati - S.
Em virtude do pedido da Unidade Requisitante, face à proximidade da licitação e para não prejudicar o andamento da mesma, comunicamos que fica EXCLUÍDO DO CERTAME O ITEM (LOTE) 002, para posterior ajuste na descrição em posterior procedimento licitatório, uma vez que o material adquirido pode não ser compatível com o lote 001. Tal decisão fundamenta-se, para não haver prejuízo à Administração na realização do procedimento em nenhum dos itens, e de fundamental importância para a Municipalidade, uma vez que se trata de equipamento necessário para atendimento à população do município.
Cajati, 29 de novembro de 2021.
LUIZ HENRIQUE KOGA
Prefeito Municipal
